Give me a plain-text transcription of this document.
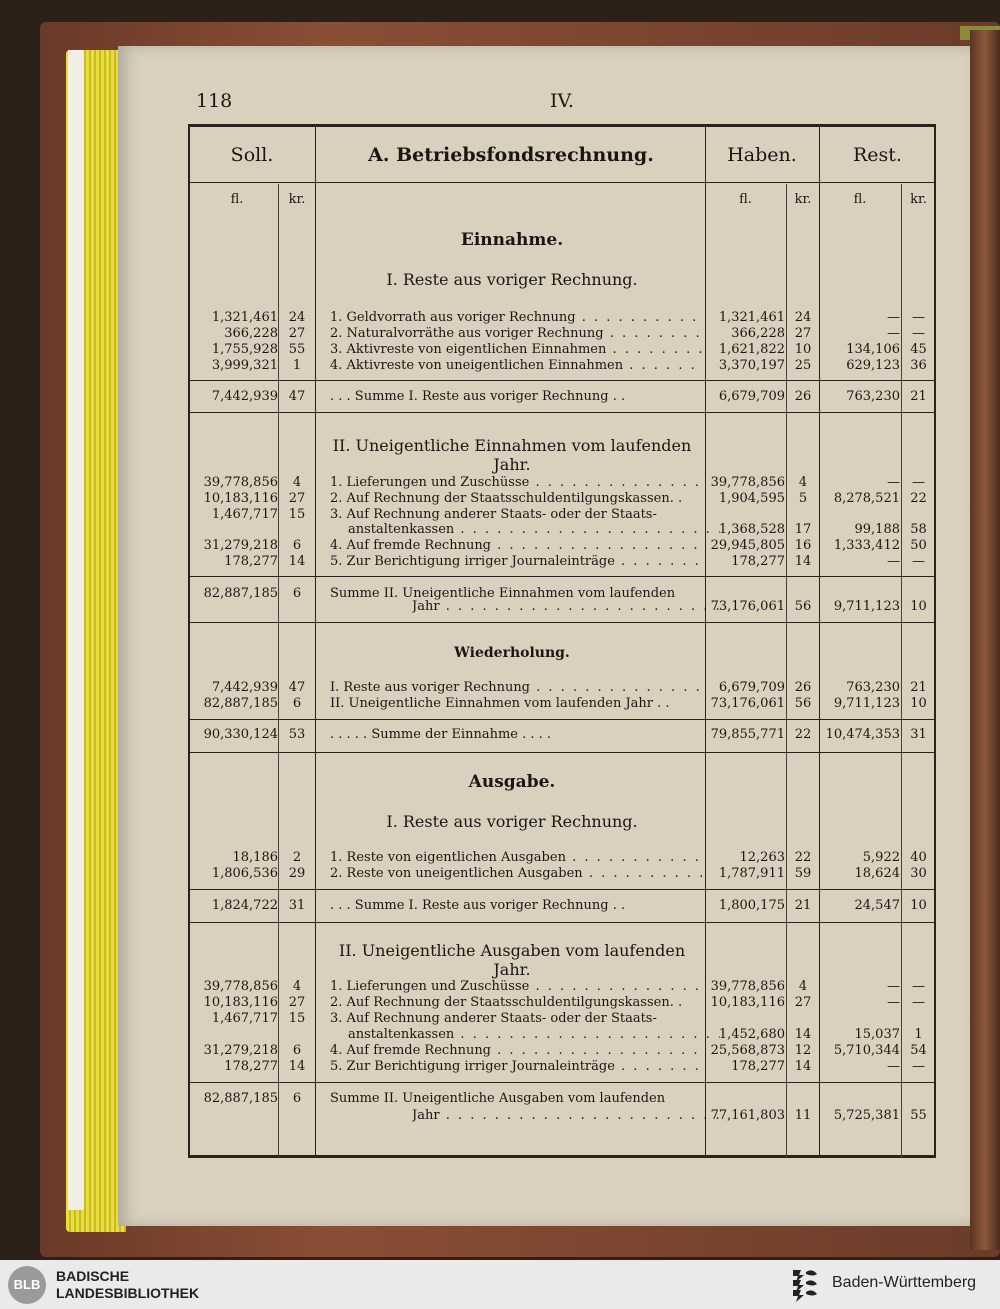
118	IV.
Soll.	A. Betriebsfondsrechnung.	Haben.	Rest.
fl.	kr.	fl.	kr.	fl.	kr.
Einnahme.
I. Reste aus voriger Rechnung.
1,321,461 24	1. Geldvorrath aus voriger Rechnung . . .	1,321,461 24	— —
366,228 27	2. Naturalvorräthe aus voriger Rechnung . . .	366,228 27	— —
1,755,928 55	3. Aktivreste von eigentlichen Einnahmen . . .	1,621,822 10	134,106 45
3,999,321	1	4. Aktivreste von uneigentlichen Einnahmen . . .	3,370,197 25	629,123 36
7,442,939 47	. . . Summe I. Reste aus voriger Rechnung . .	6,679,709 26	763,230 21
II. Uneigentliche Einnahmen vom laufenden Jahr.
39,778,856	4	1. Lieferungen und Zuschüsse . . .	39,778,856	4	— —
10,183,116 27	2. Auf Rechnung der Staatsschuldentilgungskassen. .	1,904,595	5	8,278,521 22
1,467,717 15	3. Auf Rechnung anderer Staats- oder der Staats-
anstaltenkassen . . .	1,368,528 17	99,188 58
31,279,218	6	4. Auf fremde Rechnung . . .	29,945,805 16	1,333,412 50
178,277 14	5. Zur Berichtigung irriger Journaleinträge . . .	178,277 14	— —
82,887,185	6	Summe II. Uneigentliche Einnahmen vom laufenden
Jahr . . .	73,176,061 56	9,711,123 10
Wiederholung.
7,442,939 47	I. Reste aus voriger Rechnung . . .	6,679,709 26	763,230 21
82,887,185	6	II. Uneigentliche Einnahmen vom laufenden Jahr . .	73,176,061 56	9,711,123 10
90,330,124 53	. . . . . Summe der Einnahme . . . .	79,855,771 22	10,474,353 31
Ausgabe.
I. Reste aus voriger Rechnung.
18,186	2	1. Reste von eigentlichen Ausgaben . . .	12,263 22	5,922 40
1,806,536 29	2. Reste von uneigentlichen Ausgaben . . .	1,787,911 59	18,624 30
1,824,722 31	. . . Summe I. Reste aus voriger Rechnung . .	1,800,175 21	24,547 10
II. Uneigentliche Ausgaben vom laufenden Jahr.
39,778,856	4	1. Lieferungen und Zuschüsse . . .	39,778,856	4	— —
10,183,116 27	2. Auf Rechnung der Staatsschuldentilgungskassen. .	10,183,116 27	— —
1,467,717 15	3. Auf Rechnung anderer Staats- oder der Staats-
anstaltenkassen . . .	1,452,680 14	15,037	1
31,279,218	6	4. Auf fremde Rechnung . . .	25,568,873 12	5,710,344 54
178,277 14	5. Zur Berichtigung irriger Journaleinträge . . .	178,277 14	— —
82,887,185	6	Summe II. Uneigentliche Ausgaben vom laufenden
Jahr . . .	77,161,803 11	5,725,381 55
BLB
BADISCHE
LANDESBIBLIOTHEK
Baden-Württemberg
